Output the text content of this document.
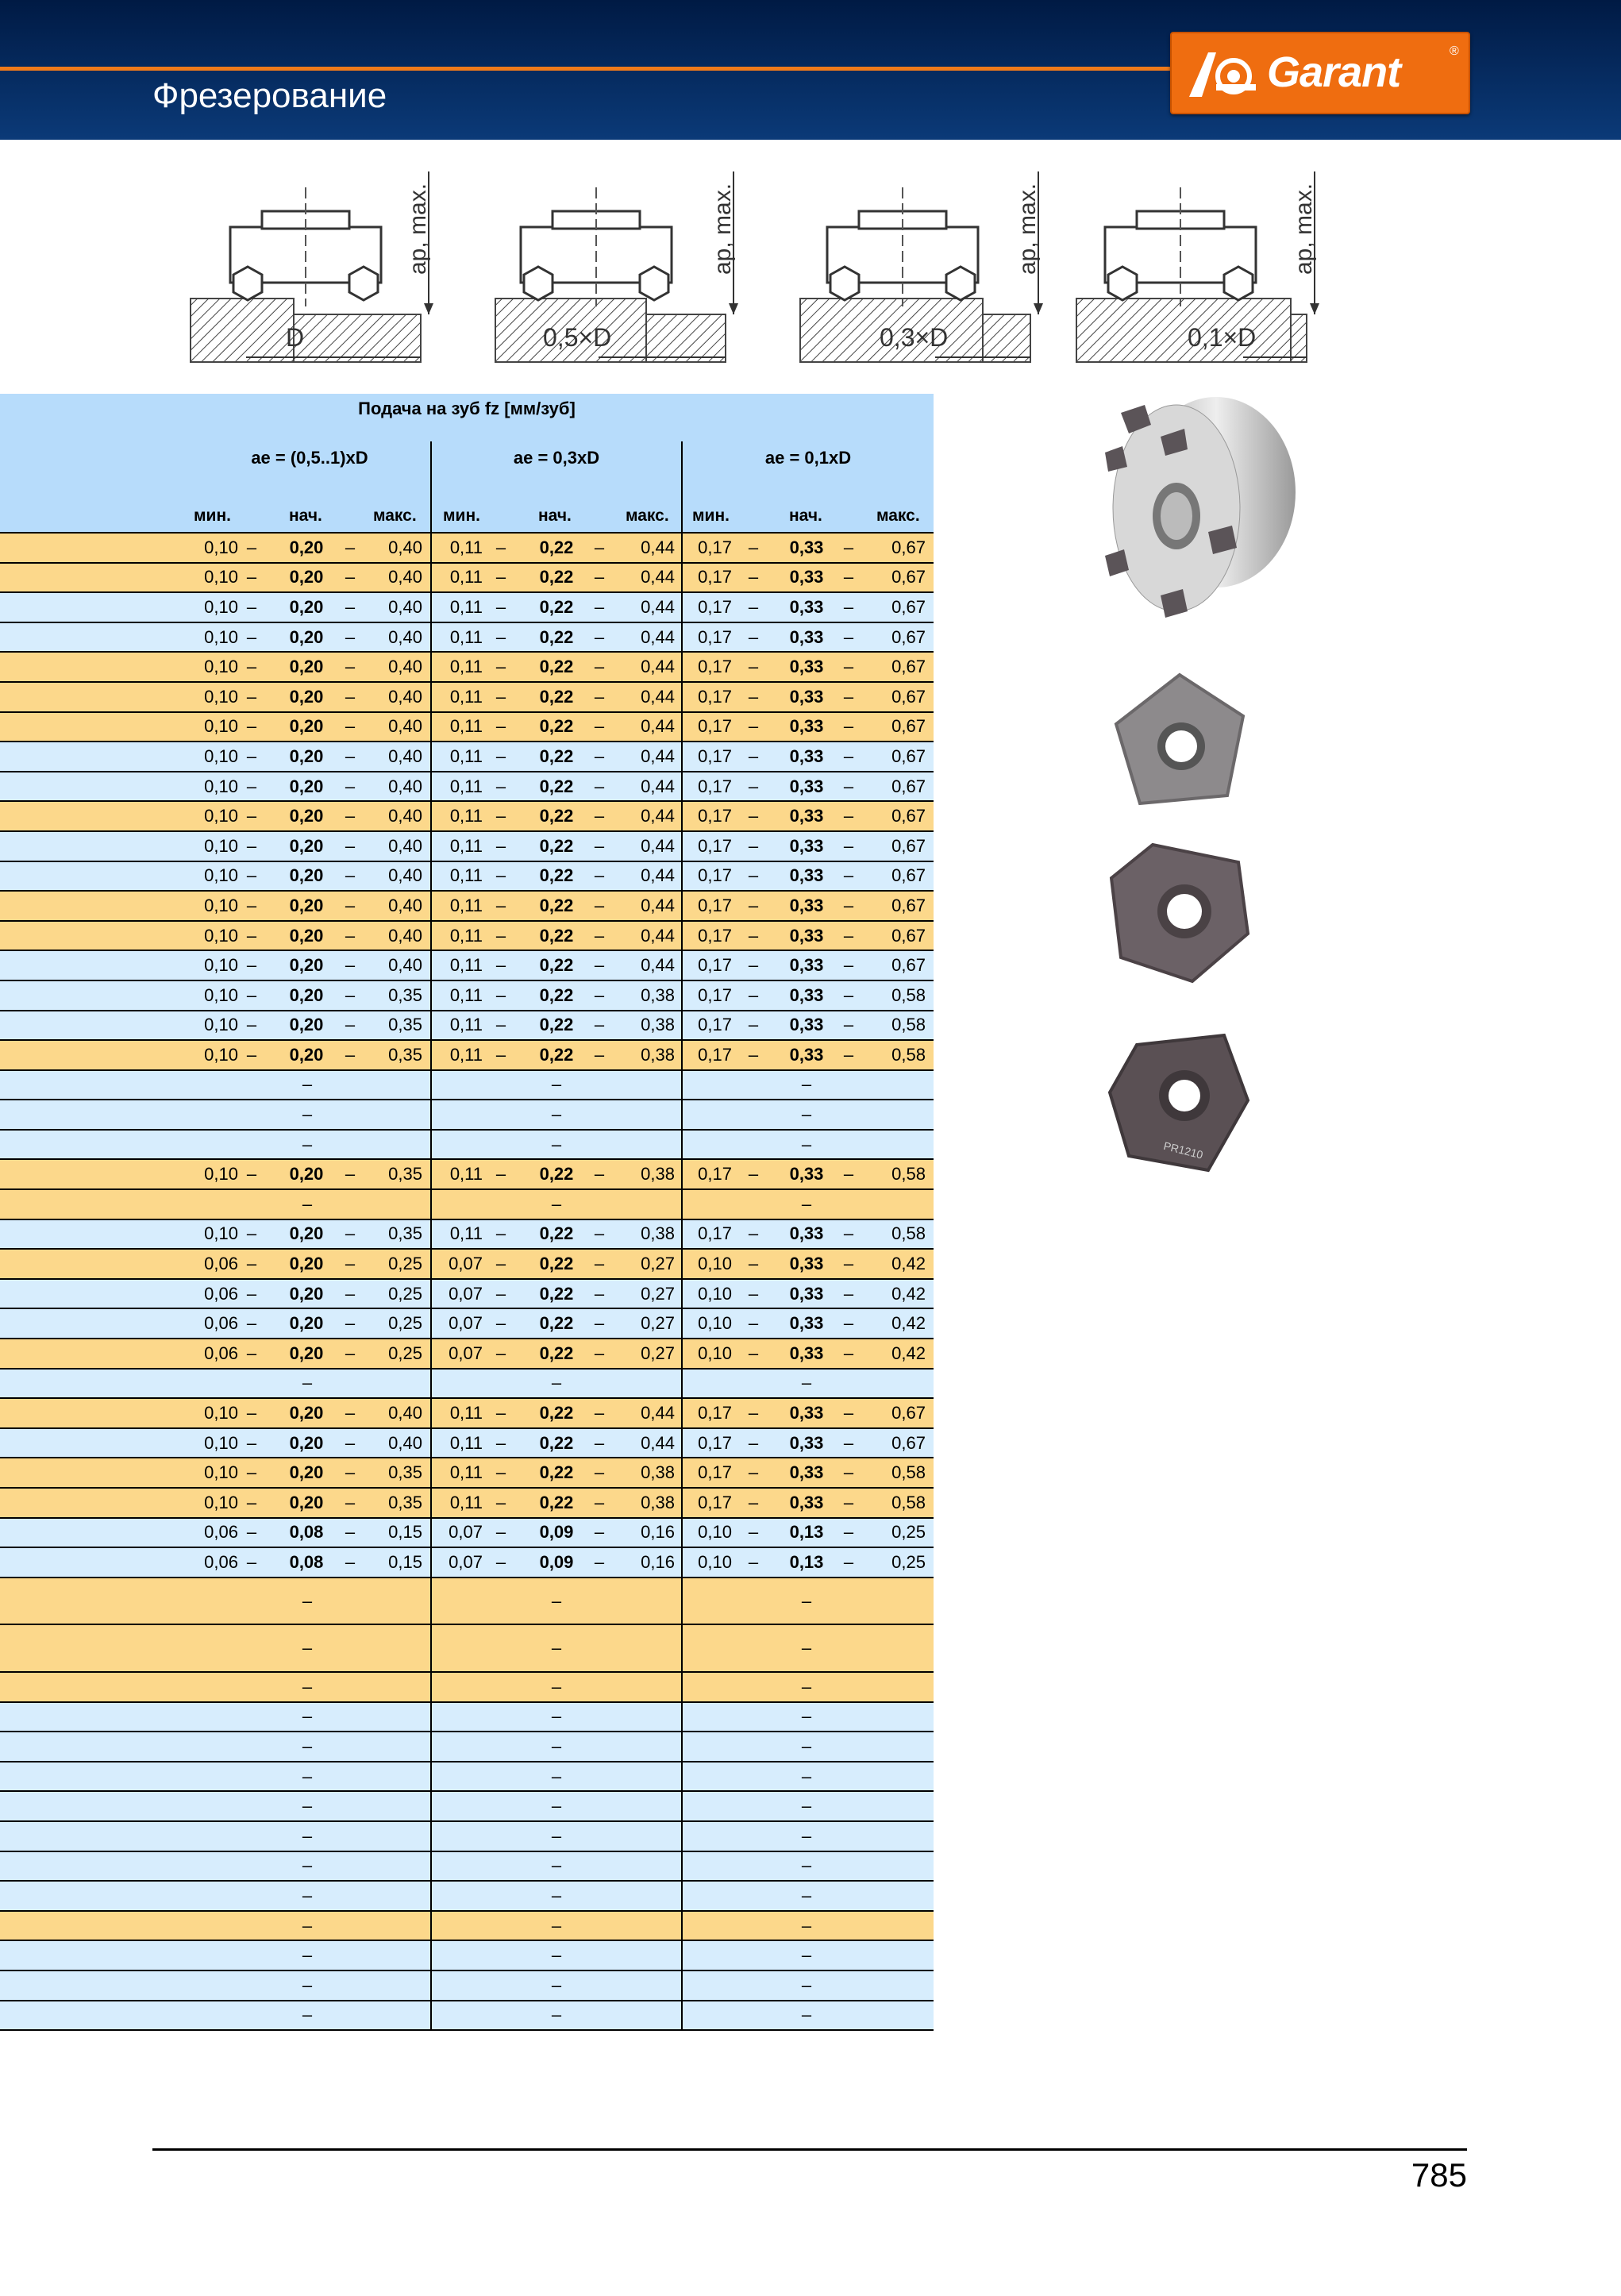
Фрезерование	Garant	®
ap, max.
D
ap, max.
0,5×D
ap, max.
0,3×D
ap, max.
0,1×D
Подача на зуб fz [мм/зуб]
ae = (0,5..1)xD	ae = 0,3xD	ae = 0,1xD
мин.	нач.	макс. мин.	нач.	макс. мин.	нач.	макс.
0,10 – 0,20 –	0,40	0,11 – 0,22 –	0,44	0,17 – 0,33 –	0,67
0,10 – 0,20 –	0,40	0,11 – 0,22 –	0,44	0,17 – 0,33 –	0,67
0,10 – 0,20 –	0,40	0,11 – 0,22 –	0,44	0,17 – 0,33 –	0,67
0,10 – 0,20 –	0,40	0,11 – 0,22 –	0,44	0,17 – 0,33 –	0,67
0,10 – 0,20 –	0,40	0,11 – 0,22 –	0,44	0,17 – 0,33 –	0,67
0,10 – 0,20 –	0,40	0,11 – 0,22 –	0,44	0,17 – 0,33 –	0,67
0,10 – 0,20 –	0,40	0,11 – 0,22 –	0,44	0,17 – 0,33 –	0,67
0,10 – 0,20 –	0,40	0,11 – 0,22 –	0,44	0,17 – 0,33 –	0,67
0,10 – 0,20 –	0,40	0,11 – 0,22 –	0,44	0,17 – 0,33 –	0,67
0,10 – 0,20 –	0,40	0,11 – 0,22 –	0,44	0,17 – 0,33 –	0,67
0,10 – 0,20 –	0,40	0,11 – 0,22 –	0,44	0,17 – 0,33 –	0,67
0,10 – 0,20 –	0,40	0,11 – 0,22 –	0,44	0,17 – 0,33 –	0,67
0,10 – 0,20 –	0,40	0,11 – 0,22 –	0,44	0,17 – 0,33 –	0,67
0,10 – 0,20 –	0,40	0,11 – 0,22 –	0,44	0,17 – 0,33 –	0,67
0,10 – 0,20 –	0,40	0,11 – 0,22 –	0,44	0,17 – 0,33 –	0,67
0,10 – 0,20 –	0,35	0,11 – 0,22 –	0,38	0,17 – 0,33 –	0,58
0,10 – 0,20 –	0,35	0,11 – 0,22 –	0,38	0,17 – 0,33 –	0,58
0,10 – 0,20 –	0,35	0,11 – 0,22 –	0,38	0,17 – 0,33 –	0,58
–	–	–
–	–	–
–	–	–
0,10 – 0,20 –	0,35	0,11 – 0,22 –	0,38	0,17 – 0,33 –	0,58
–	–	–
0,10 – 0,20 –	0,35	0,11 – 0,22 –	0,38	0,17 – 0,33 –	0,58
0,06 – 0,20 –	0,25	0,07 – 0,22 –	0,27	0,10 – 0,33 –	0,42
0,06 – 0,20 –	0,25	0,07 – 0,22 –	0,27	0,10 – 0,33 –	0,42
0,06 – 0,20 –	0,25	0,07 – 0,22 –	0,27	0,10 – 0,33 –	0,42
0,06 – 0,20 –	0,25	0,07 – 0,22 –	0,27	0,10 – 0,33 –	0,42
–	–	–
0,10 – 0,20 –	0,40	0,11 – 0,22 –	0,44	0,17 – 0,33 –	0,67
0,10 – 0,20 –	0,40	0,11 – 0,22 –	0,44	0,17 – 0,33 –	0,67
0,10 – 0,20 –	0,35	0,11 – 0,22 –	0,38	0,17 – 0,33 –	0,58
0,10 – 0,20 –	0,35	0,11 – 0,22 –	0,38	0,17 – 0,33 –	0,58
0,06 – 0,08 –	0,15	0,07 – 0,09 –	0,16	0,10 – 0,13 –	0,25
0,06 – 0,08 –	0,15	0,07 – 0,09 –	0,16	0,10 – 0,13 –	0,25
–	–	–
–	–	–
–	–	–
–	–	–
–	–	–
–	–	–
–	–	–
–	–	–
–	–	–
–	–	–
–	–	–
–	–	–
–	–	–
–	–	–
PR1210
785
